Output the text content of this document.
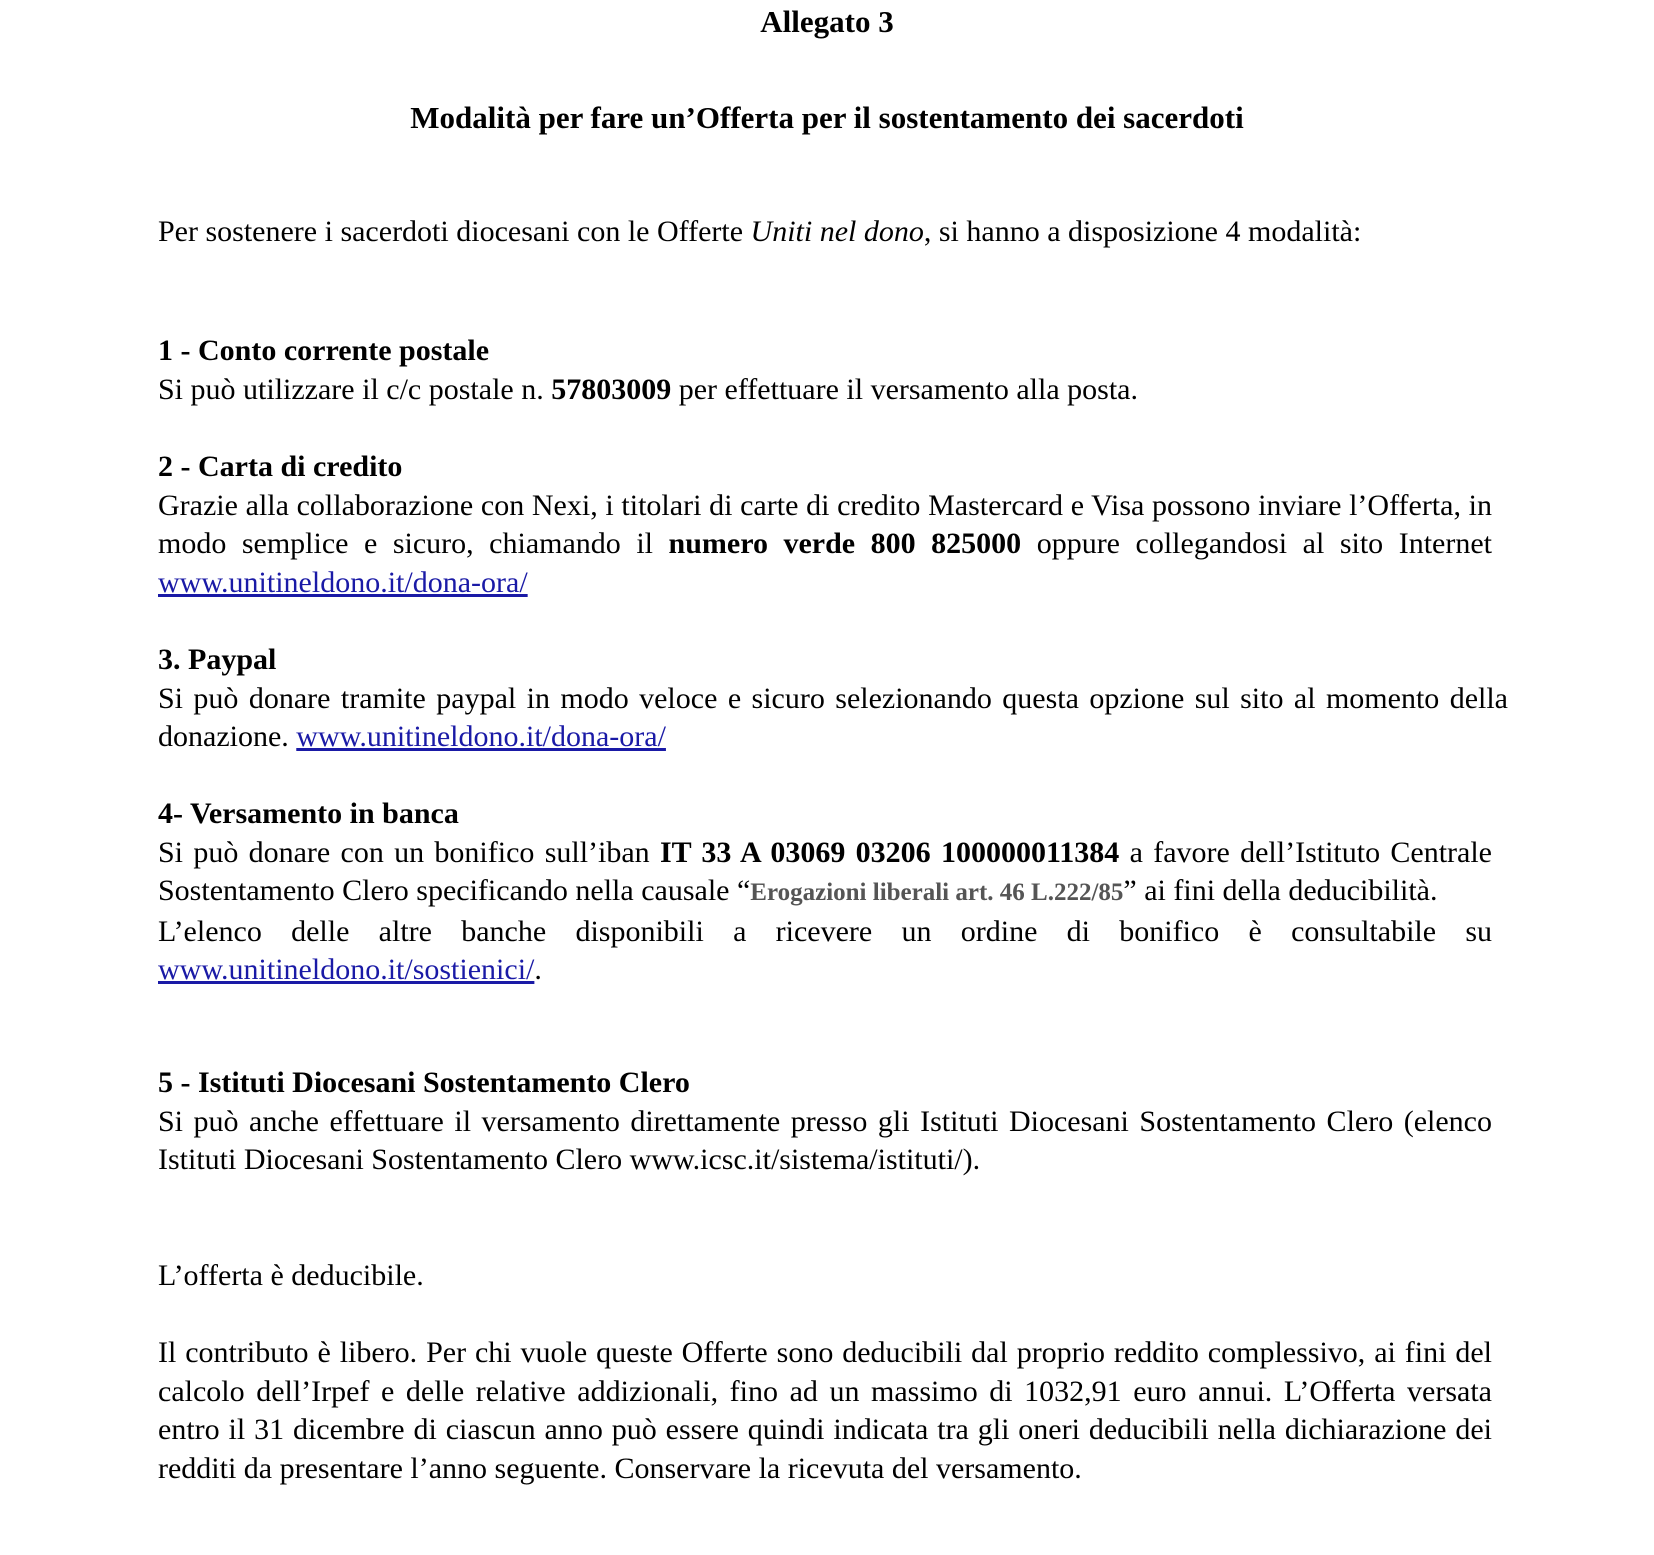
Allegato 3
Modalità per fare un’Offerta per il sostentamento dei sacerdoti

Per sostenere i sacerdoti diocesani con le Offerte Uniti nel dono, si hanno a disposizione 4 modalità:

1 - Conto corrente postale
Si può utilizzare il c/c postale n. 57803009 per effettuare il versamento alla posta.
2 - Carta di credito
Grazie alla collaborazione con Nexi, i titolari di carte di credito Mastercard e Visa possono inviare l’Offerta, in modo semplice e sicuro, chiamando il numero verde 800 825000 oppure collegandosi al sito Internet www.unitineldono.it/dona-ora/
3. Paypal
Si può donare tramite paypal in modo veloce e sicuro selezionando questa opzione sul sito al momento della donazione. www.unitineldono.it/dona-ora/
4- Versamento in banca
Si può donare con un bonifico sull’iban IT 33 A 03069 03206 100000011384 a favore dell’Istituto Centrale Sostentamento Clero specificando nella causale “Erogazioni liberali art. 46 L.222/85” ai fini della deducibilità.
L’elenco delle altre banche disponibili a ricevere un ordine di bonifico è consultabile su www.unitineldono.it/sostienici/.
5 - Istituti Diocesani Sostentamento Clero
Si può anche effettuare il versamento direttamente presso gli Istituti Diocesani Sostentamento Clero (elenco Istituti Diocesani Sostentamento Clero www.icsc.it/sistema/istituti/).

L’offerta è deducibile.

Il contributo è libero. Per chi vuole queste Offerte sono deducibili dal proprio reddito complessivo, ai fini del calcolo dell’Irpef e delle relative addizionali, fino ad un massimo di 1032,91 euro annui. L’Offerta versata entro il 31 dicembre di ciascun anno può essere quindi indicata tra gli oneri deducibili nella dichiarazione dei redditi da presentare l’anno seguente. Conservare la ricevuta del versamento.
